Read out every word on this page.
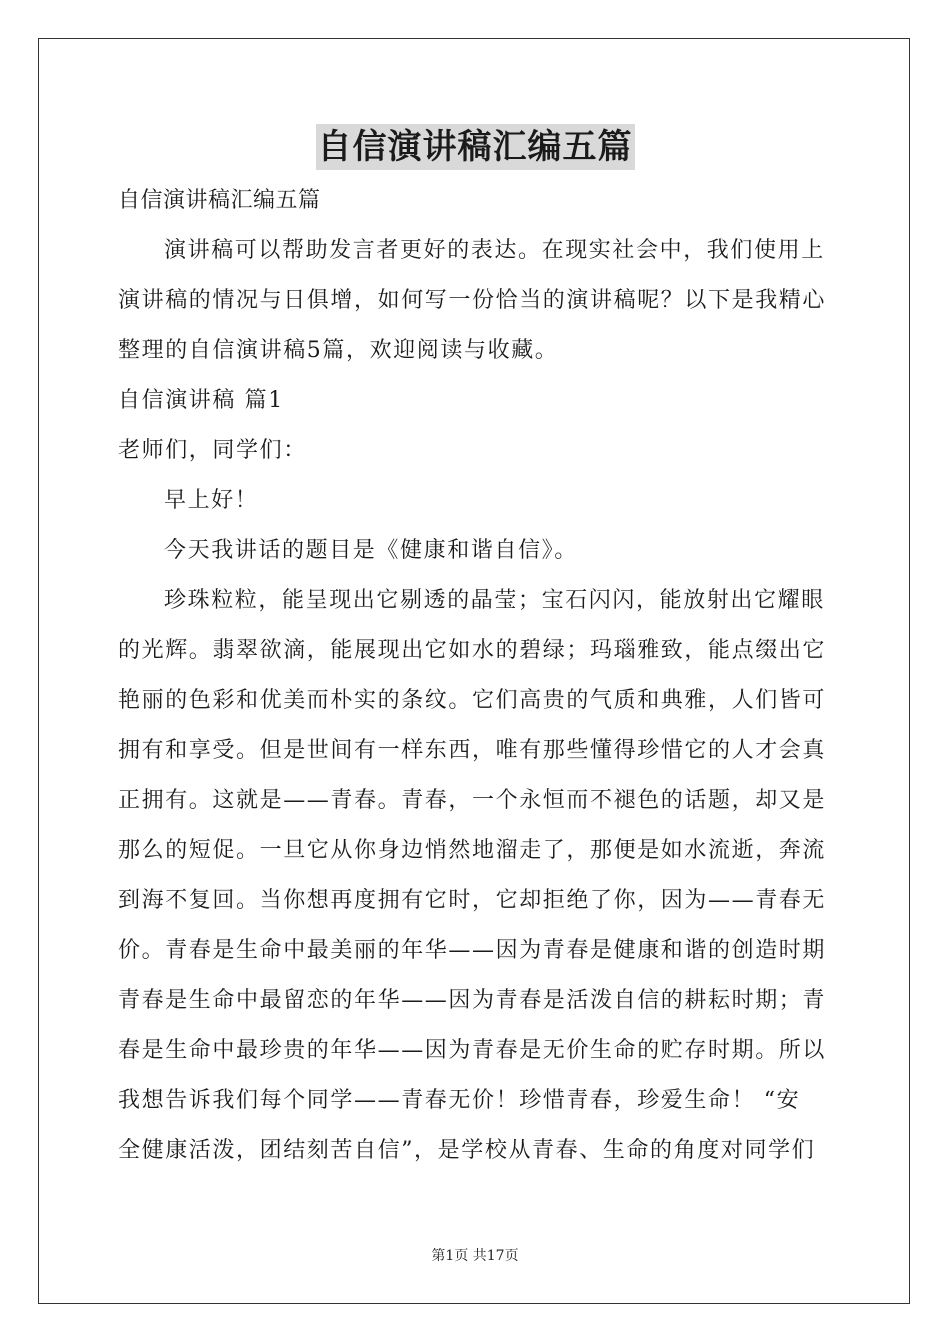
自信演讲稿汇编五篇
自信演讲稿汇编五篇
演讲稿可以帮助发言者更好的表达。在现实社会中，我们使用上
演讲稿的情况与日俱增，如何写一份恰当的演讲稿呢？以下是我精心
整理的自信演讲稿5篇，欢迎阅读与收藏。
自信演讲稿 篇1
老师们，同学们：
早上好！
今天我讲话的题目是《健康和谐自信》。
珍珠粒粒，能呈现出它剔透的晶莹；宝石闪闪，能放射出它耀眼
的光辉。翡翠欲滴，能展现出它如水的碧绿；玛瑙雅致，能点缀出它
艳丽的色彩和优美而朴实的条纹。它们高贵的气质和典雅，人们皆可
拥有和享受。但是世间有一样东西，唯有那些懂得珍惜它的人才会真
正拥有。这就是——青春。青春，一个永恒而不褪色的话题，却又是
那么的短促。一旦它从你身边悄然地溜走了，那便是如水流逝，奔流
到海不复回。当你想再度拥有它时，它却拒绝了你，因为——青春无
价。青春是生命中最美丽的年华——因为青春是健康和谐的创造时期
青春是生命中最留恋的年华——因为青春是活泼自信的耕耘时期；青
春是生命中最珍贵的年华——因为青春是无价生命的贮存时期。所以
我想告诉我们每个同学——青春无价！珍惜青春，珍爱生命！ “安
全健康活泼，团结刻苦自信”，是学校从青春、生命的角度对同学们
第1页 共17页
